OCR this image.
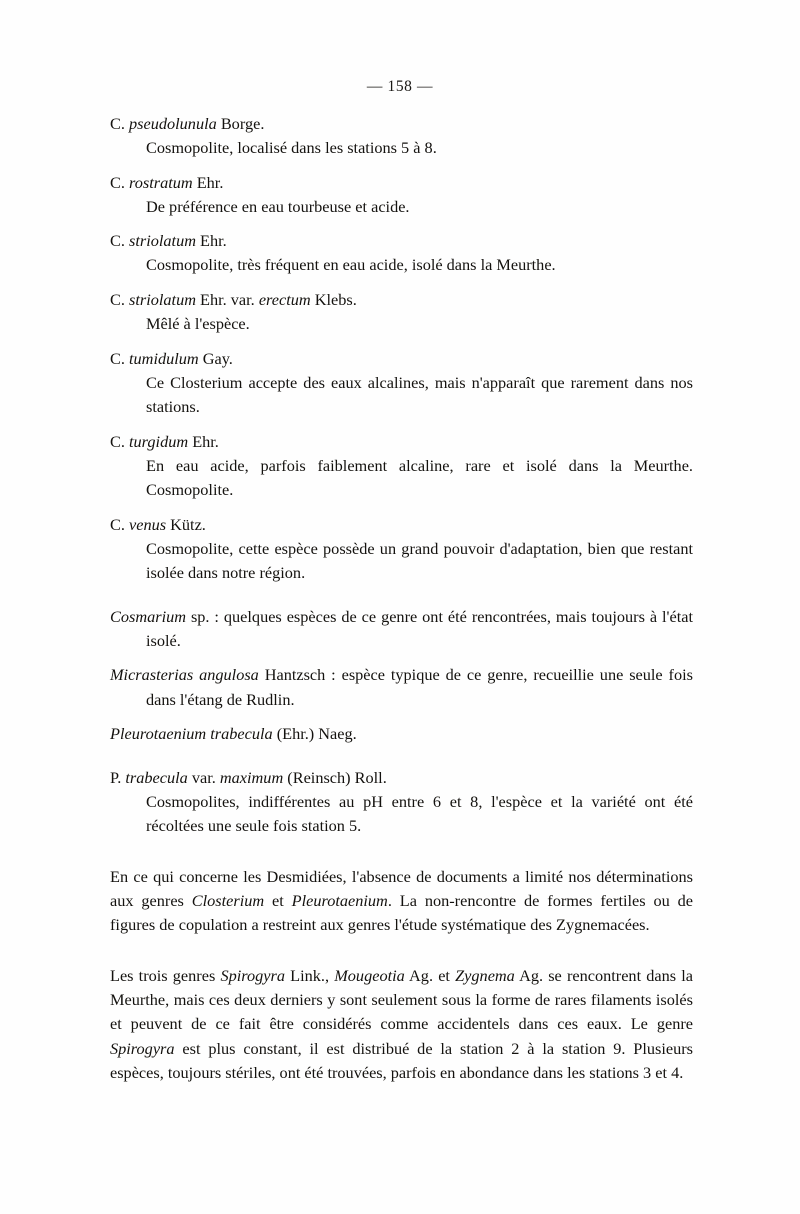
— 158 —
C. pseudolunula Borge.
Cosmopolite, localisé dans les stations 5 à 8.
C. rostratum Ehr.
De préférence en eau tourbeuse et acide.
C. striolatum Ehr.
Cosmopolite, très fréquent en eau acide, isolé dans la Meurthe.
C. striolatum Ehr. var. erectum Klebs.
Mêlé à l'espèce.
C. tumidulum Gay.
Ce Closterium accepte des eaux alcalines, mais n'apparaît que rarement dans nos stations.
C. turgidum Ehr.
En eau acide, parfois faiblement alcaline, rare et isolé dans la Meurthe. Cosmopolite.
C. venus Kütz.
Cosmopolite, cette espèce possède un grand pouvoir d'adaptation, bien que restant isolée dans notre région.
Cosmarium sp. : quelques espèces de ce genre ont été rencontrées, mais toujours à l'état isolé.
Micrasterias angulosa Hantzsch : espèce typique de ce genre, recueillie une seule fois dans l'étang de Rudlin.
Pleurotaenium trabecula (Ehr.) Naeg.
P. trabecula var. maximum (Reinsch) Roll.
Cosmopolites, indifférentes au pH entre 6 et 8, l'espèce et la variété ont été récoltées une seule fois station 5.
En ce qui concerne les Desmidiées, l'absence de documents a limité nos déterminations aux genres Closterium et Pleurotaenium. La non-rencontre de formes fertiles ou de figures de copulation a restreint aux genres l'étude systématique des Zygnemacées.
Les trois genres Spirogyra Link., Mougeotia Ag. et Zygnema Ag. se rencontrent dans la Meurthe, mais ces deux derniers y sont seulement sous la forme de rares filaments isolés et peuvent de ce fait être considérés comme accidentels dans ces eaux. Le genre Spirogyra est plus constant, il est distribué de la station 2 à la station 9. Plusieurs espèces, toujours stériles, ont été trouvées, parfois en abondance dans les stations 3 et 4.
